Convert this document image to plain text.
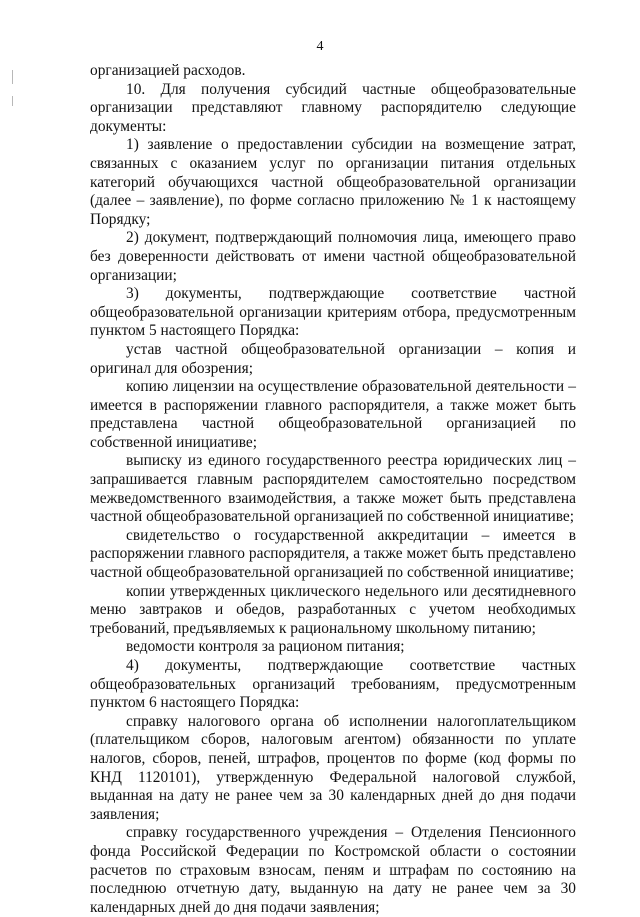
4

организацией расходов.

10. Для получения субсидий частные общеобразовательные организации представляют главному распорядителю следующие документы:

1) заявление о предоставлении субсидии на возмещение затрат, связанных с оказанием услуг по организации питания отдельных категорий обучающихся частной общеобразовательной организации (далее – заявление), по форме согласно приложению № 1 к настоящему Порядку;

2) документ, подтверждающий полномочия лица, имеющего право без доверенности действовать от имени частной общеобразовательной организации;

3) документы, подтверждающие соответствие частной общеобразовательной организации критериям отбора, предусмотренным пунктом 5 настоящего Порядка:

устав частной общеобразовательной организации – копия и оригинал для обозрения;

копию лицензии на осуществление образовательной деятельности – имеется в распоряжении главного распорядителя, а также может быть представлена частной общеобразовательной организацией по собственной инициативе;

выписку из единого государственного реестра юридических лиц – запрашивается главным распорядителем самостоятельно посредством межведомственного взаимодействия, а также может быть представлена частной общеобразовательной организацией по собственной инициативе;

свидетельство о государственной аккредитации – имеется в распоряжении главного распорядителя, а также может быть представлено частной общеобразовательной организацией по собственной инициативе;

копии утвержденных циклического недельного или десятидневного меню завтраков и обедов, разработанных с учетом необходимых требований, предъявляемых к рациональному школьному питанию;

ведомости контроля за рационом питания;

4) документы, подтверждающие соответствие частных общеобразовательных организаций требованиям, предусмотренным пунктом 6 настоящего Порядка:

справку налогового органа об исполнении налогоплательщиком (плательщиком сборов, налоговым агентом) обязанности по уплате налогов, сборов, пеней, штрафов, процентов по форме (код формы по КНД 1120101), утвержденную Федеральной налоговой службой, выданная на дату не ранее чем за 30 календарных дней до дня подачи заявления;

справку государственного учреждения – Отделения Пенсионного фонда Российской Федерации по Костромской области о состоянии расчетов по страховым взносам, пеням и штрафам по состоянию на последнюю отчетную дату, выданную на дату не ранее чем за 30 календарных дней до дня подачи заявления;
